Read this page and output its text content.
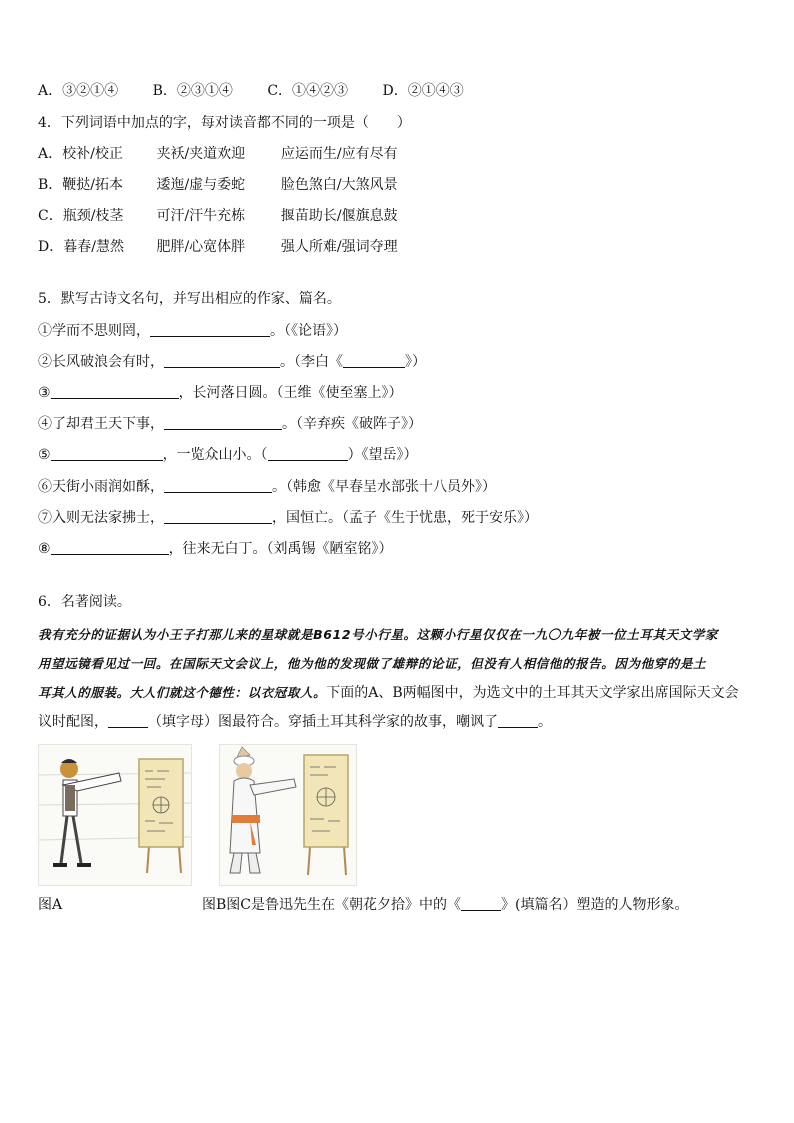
A．③②①④ B．②③①④ C．①④②③ D．②①④③
4．下列词语中加点的字，每对读音都不同的一项是（　　）
A．校补/校正 夹袄/夹道欢迎	应运而生/应有尽有
B．鞭挞/拓本 逶迤/虚与委蛇	脸色煞白/大煞风景
C．瓶颈/枝茎 可汗/汗牛充栋	揠苗助长/偃旗息鼓
D．暮春/慧然 肥胖/心宽体胖	强人所难/强词夺理
5．默写古诗文名句，并写出相应的作家、篇名。
①学而不思则罔，	。（《论语》）
②长风破浪会有时，	。（李白《	》）
③	，长河落日圆。（王维《使至塞上》）
④了却君王天下事，	。（辛弃疾《破阵子》）
⑤	，一览众山小。（	）《望岳》）
⑥天街小雨润如酥，	。（韩愈《早春呈水部张十八员外》）
⑦入则无法家拂士，	，国恒亡。（孟子《生于忧患，死于安乐》）
⑧	，往来无白丁。（刘禹锡《陋室铭》）
6．名著阅读。
我有充分的证据认为小王子打那儿来的星球就是B612号小行星。这颗小行星仅仅在一九〇九年被一位土耳其天文学家
用望远镜看见过一回。在国际天文会议上，他为他的发现做了雄辩的论证，但没有人相信他的报告。因为他穿的是土
耳其人的服装。大人们就这个德性：以衣冠取人。下面的A、B两幅图中，为选文中的土耳其天文学家出席国际天文会
议时配图，	（填字母）图最符合。穿插土耳其科学家的故事，嘲讽了	。
图A	图B图C是鲁迅先生在《朝花夕拾》中的《	》(填篇名）塑造的人物形象。
